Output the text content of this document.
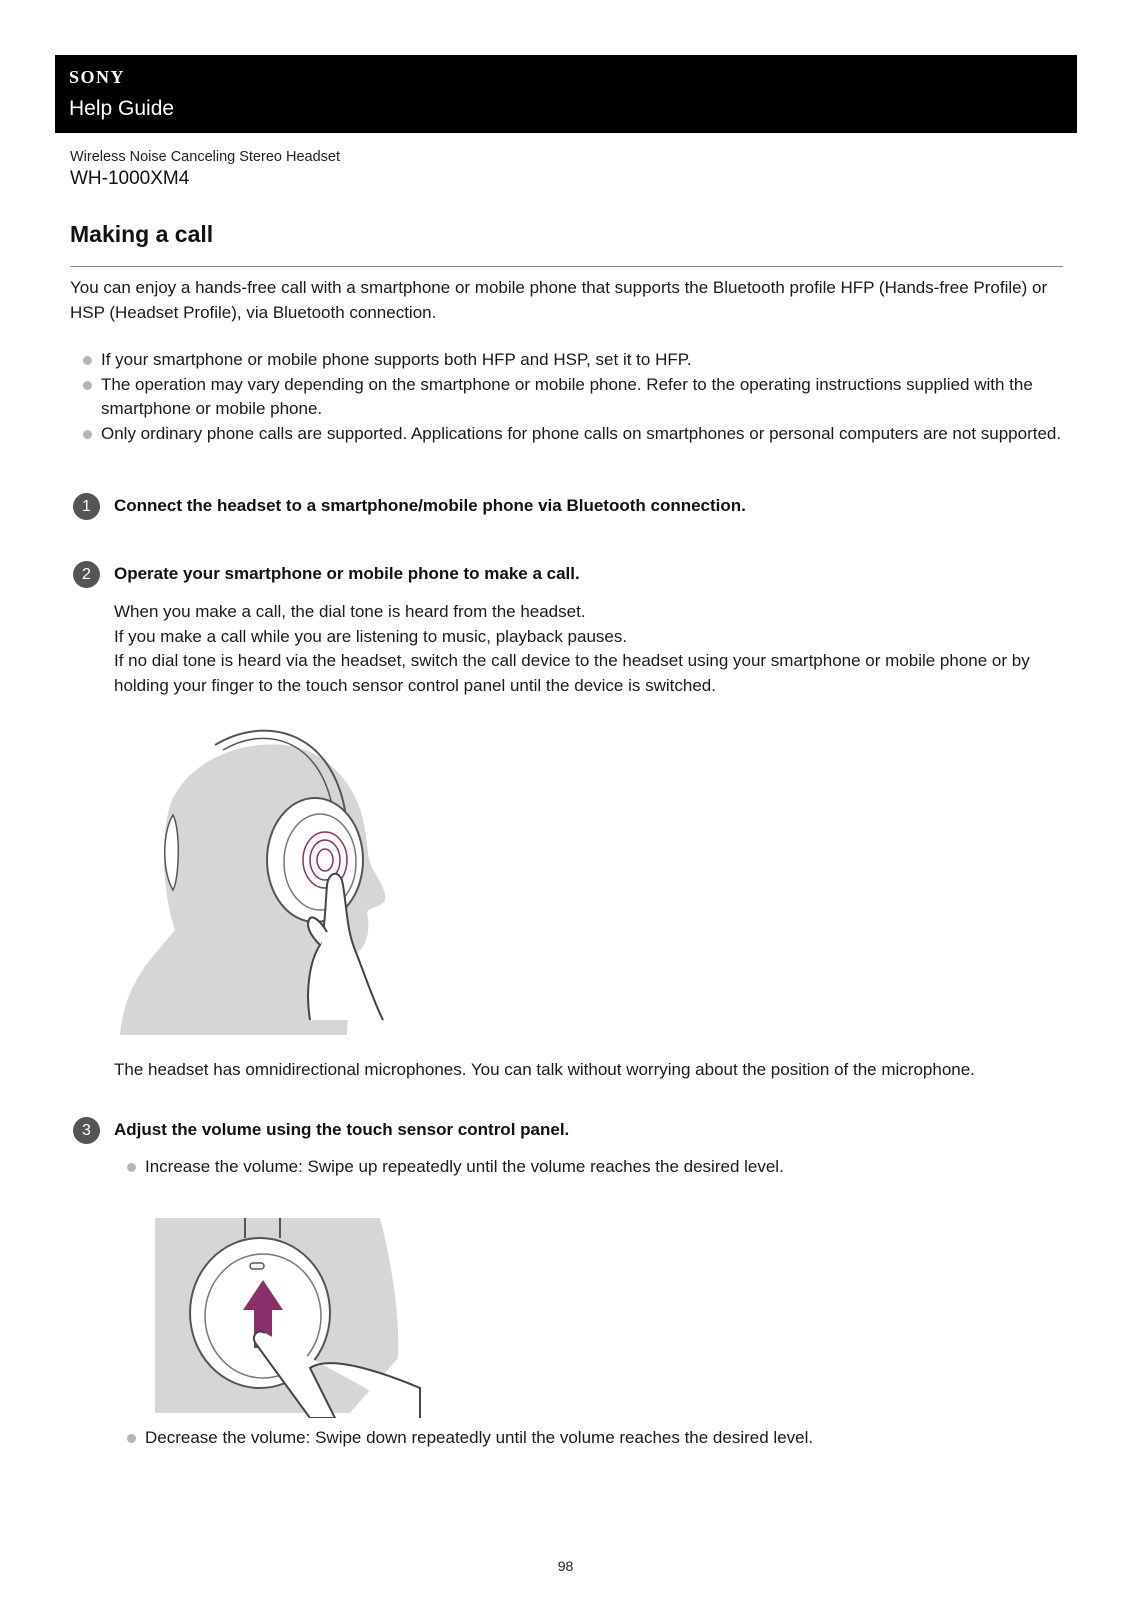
SONY
Help Guide
Wireless Noise Canceling Stereo Headset
WH-1000XM4
Making a call

You can enjoy a hands-free call with a smartphone or mobile phone that supports the Bluetooth profile HFP (Hands-free Profile) or HSP (Headset Profile), via Bluetooth connection.

If your smartphone or mobile phone supports both HFP and HSP, set it to HFP.
The operation may vary depending on the smartphone or mobile phone. Refer to the operating instructions supplied with the smartphone or mobile phone.
Only ordinary phone calls are supported. Applications for phone calls on smartphones or personal computers are not supported.
1	Connect the headset to a smartphone/mobile phone via Bluetooth connection.
2	Operate your smartphone or mobile phone to make a call.
When you make a call, the dial tone is heard from the headset.
If you make a call while you are listening to music, playback pauses.
If no dial tone is heard via the headset, switch the call device to the headset using your smartphone or mobile phone or by holding your finger to the touch sensor control panel until the device is switched.

The headset has omnidirectional microphones. You can talk without worrying about the position of the microphone.

3	Adjust the volume using the touch sensor control panel.
Increase the volume: Swipe up repeatedly until the volume reaches the desired level.
Decrease the volume: Swipe down repeatedly until the volume reaches the desired level.
98
